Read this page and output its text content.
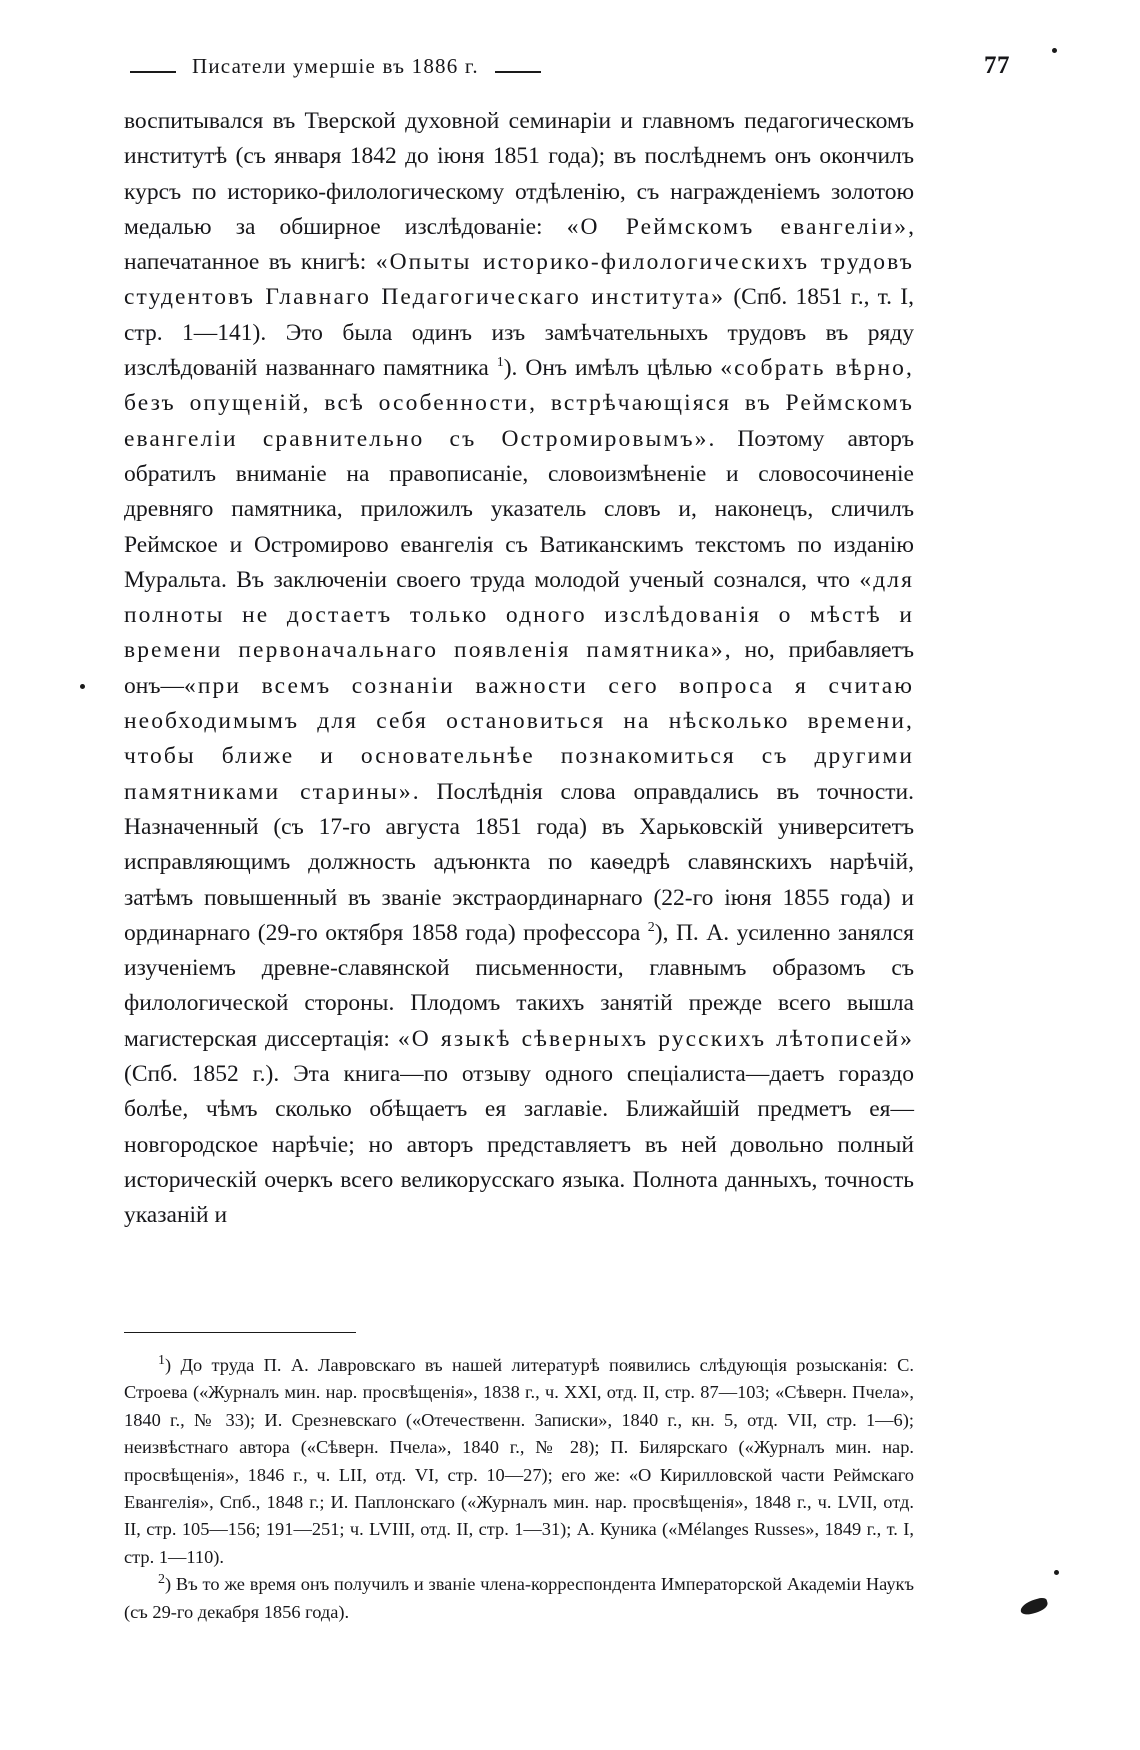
Писатели умершіе въ 1886 г.	77

воспитывался въ Тверской духовной семинаріи и главномъ педагогическомъ институтѣ (съ января 1842 до іюня 1851 года); въ послѣднемъ онъ окончилъ курсъ по историко-филологическому отдѣленію, съ награжденіемъ золотою медалью за обширное изслѣдованіе: «О Реймскомъ евангеліи», напечатанное въ книгѣ: «Опыты историко-филологическихъ трудовъ студентовъ Главнаго Педагогическаго института» (Спб. 1851 г., т. I, стр. 1—141). Это была одинъ изъ замѣчательныхъ трудовъ въ ряду изслѣдованій названнаго памятника $^1$). Онъ имѣлъ цѣлью «собрать вѣрно, безъ опущеній, всѣ особенности, встрѣчающіяся въ Реймскомъ евангеліи сравнительно съ Остромировымъ». Поэтому авторъ обратилъ вниманіе на правописаніе, словоизмѣненіе и словосочиненіе древняго памятника, приложилъ указатель словъ и, наконецъ, сличилъ Реймское и Остромирово евангелія съ Ватиканскимъ текстомъ по изданію Муральта. Въ заключеніи своего труда молодой ученый сознался, что «для полноты не достаетъ только одного изслѣдованія о мѣстѣ и времени первоначальнаго появленія памятника», но, прибавляетъ онъ—«при всемъ сознаніи важности сего вопроса я считаю необходимымъ для себя остановиться на нѣсколько времени, чтобы ближе и основательнѣе познакомиться съ другими памятниками старины». Послѣднія слова оправдались въ точности. Назначенный (съ 17-го августа 1851 года) въ Харьковскій университетъ исправляющимъ должность адъюнкта по каѳедрѣ славянскихъ нарѣчій, затѣмъ повышенный въ званіе экстраординарнаго (22-го іюня 1855 года) и ординарнаго (29-го октября 1858 года) профессора $^2$), П. А. усиленно занялся изученіемъ древне-славянской письменности, главнымъ образомъ съ филологической стороны. Плодомъ такихъ занятій прежде всего вышла магистерская диссертація: «О языкѣ сѣверныхъ русскихъ лѣтописей» (Спб. 1852 г.). Эта книга—по отзыву одного спеціалиста—даетъ гораздо болѣе, чѣмъ сколько обѣщаетъ ея заглавіе. Ближайшій предметъ ея—новгородское нарѣчіе; но авторъ представляетъ въ ней довольно полный историческій очеркъ всего великорусскаго языка. Полнота данныхъ, точность указаній и

$^1$) До труда П. А. Лавровскаго въ нашей литературѣ появились слѣдующія розысканія: С. Строева («Журналъ мин. нар. просвѣщенія», 1838 г., ч. XXI, отд. II, стр. 87—103; «Сѣверн. Пчела», 1840 г., № 33); И. Срезневскаго («Отечественн. Записки», 1840 г., кн. 5, отд. VII, стр. 1—6); неизвѣстнаго автора («Сѣверн. Пчела», 1840 г., № 28); П. Билярскаго («Журналъ мин. нар. просвѣщенія», 1846 г., ч. LII, отд. VI, стр. 10—27); его же: «О Кирилловской части Реймскаго Евангелія», Спб., 1848 г.; И. Паплонскаго («Журналъ мин. нар. просвѣщенія», 1848 г., ч. LVII, отд. II, стр. 105—156; 191—251; ч. LVIII, отд. II, стр. 1—31); А. Куника («Mélanges Russes», 1849 г., т. I, стр. 1—110).

$^2$) Въ то же время онъ получилъ и званіе члена-корреспондента Императорской Академіи Наукъ (съ 29-го декабря 1856 года).
